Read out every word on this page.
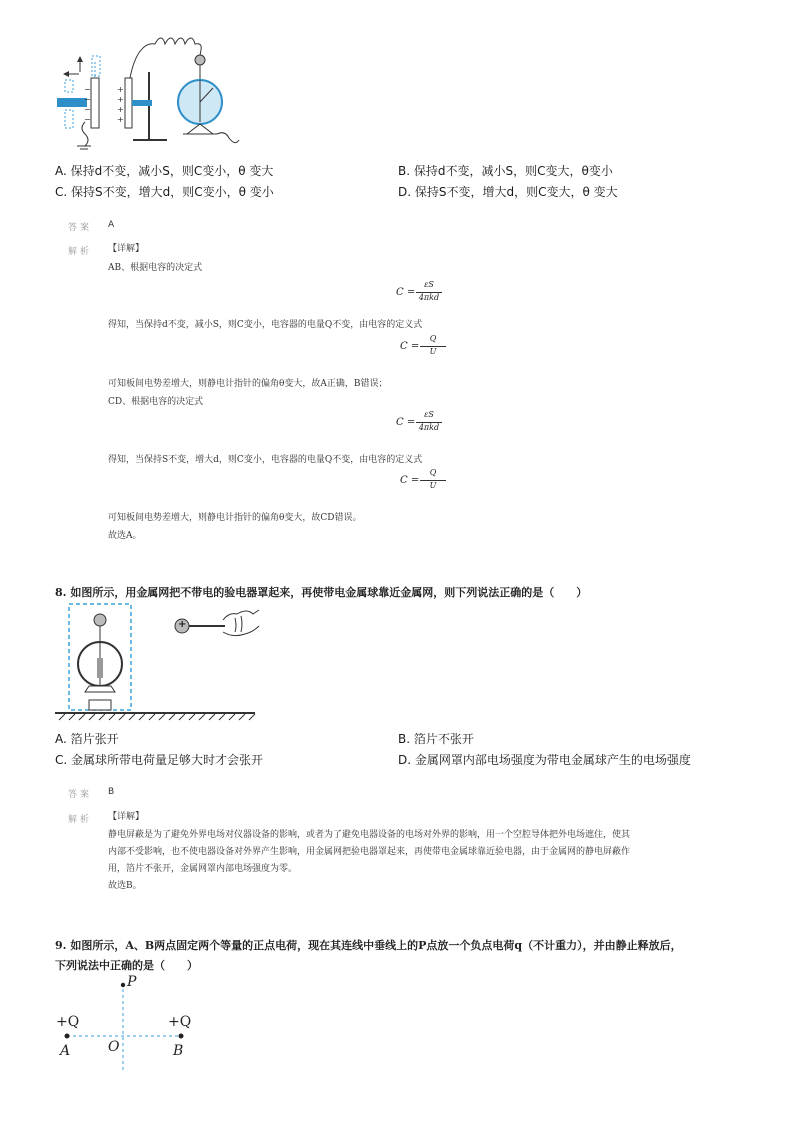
−
−
−
−
+
+
+
+
A. 保持d不变，减小S，则C变小，θ 变大	B. 保持d不变，减小S，则C变大，θ变小
C. 保持S不变，增大d，则C变小，θ 变小	D. 保持S不变，增大d，则C变大，θ 变大
答案 A
解析 【详解】
AB、根据电容的决定式
C =
εS
4πkd
得知，当保持d不变，减小S，则C变小，电容器的电量Q不变，由电容的定义式
C =
Q
U
可知板间电势差增大，则静电计指针的偏角θ变大，故A正确，B错误；
CD、根据电容的决定式
C =
εS
4πkd
得知，当保持S不变，增大d，则C变小，电容器的电量Q不变，由电容的定义式
C =
Q
U
可知板间电势差增大，则静电计指针的偏角θ变大，故CD错误。
故选A。
8. 如图所示，用金属网把不带电的验电器罩起来，再使带电金属球靠近金属网，则下列说法正确的是（　　）
+
A. 箔片张开	B. 箔片不张开
C. 金属球所带电荷量足够大时才会张开	D. 金属网罩内部电场强度为带电金属球产生的电场强度
答案 B
解析 【详解】
静电屏蔽是为了避免外界电场对仪器设备的影响，或者为了避免电器设备的电场对外界的影响，用一个空腔导体把外电场遮住，使其
内部不受影响，也不使电器设备对外界产生影响，用金属网把验电器罩起来，再使带电金属球靠近验电器，由于金属网的静电屏蔽作
用，箔片不张开，金属网罩内部电场强度为零。
故选B。
9. 如图所示，A、B两点固定两个等量的正点电荷，现在其连线中垂线上的P点放一个负点电荷q（不计重力），并由静止释放后，
下列说法中正确的是（　　）
P
+Q	+Q
A	O	B
